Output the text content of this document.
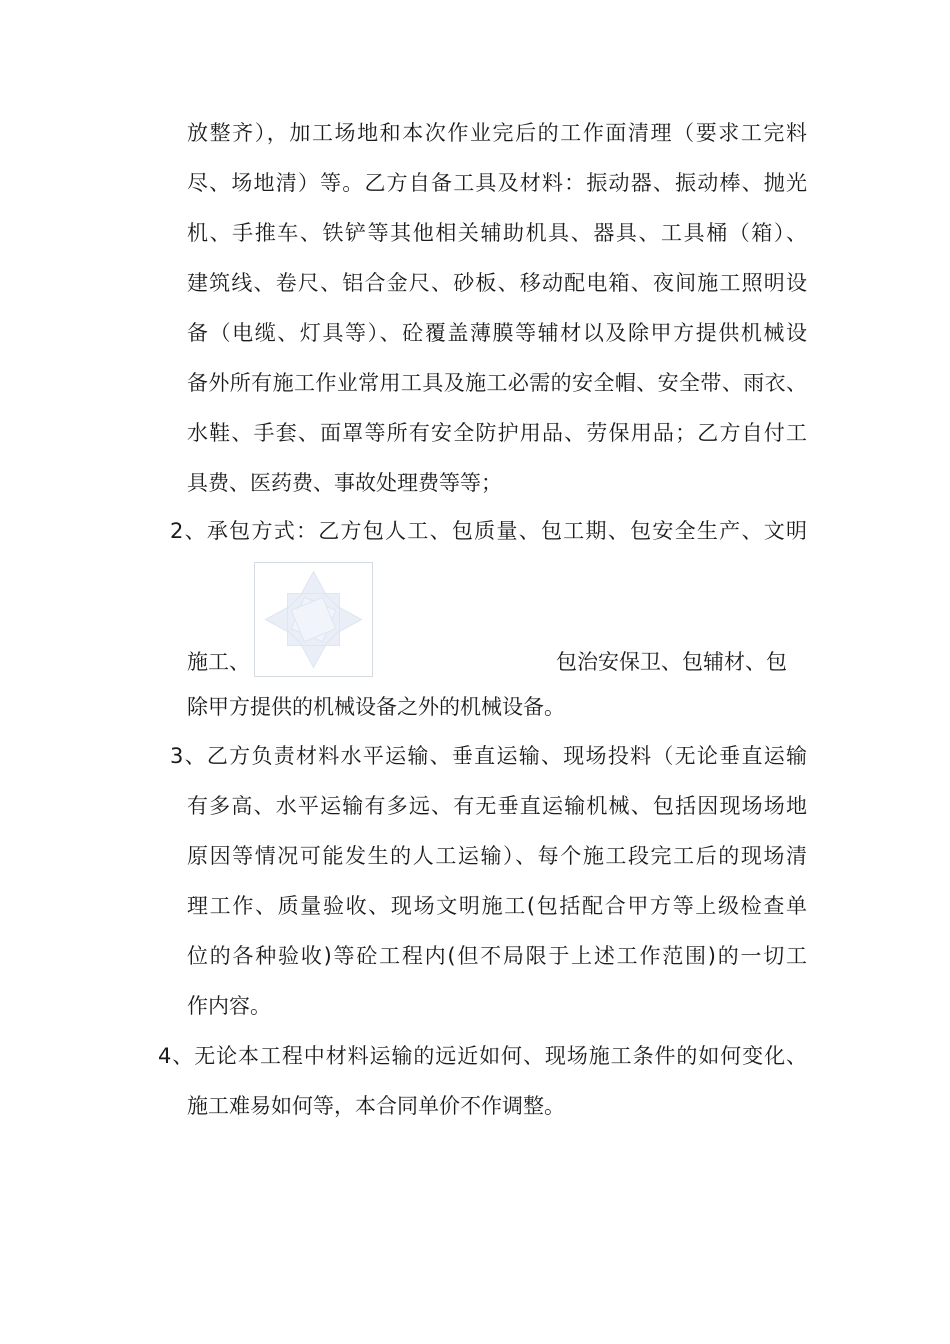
放整齐），加工场地和本次作业完后的工作面清理（要求工完料
尽、场地清）等。乙方自备工具及材料：振动器、振动棒、抛光
机、手推车、铁铲等其他相关辅助机具、器具、工具桶（箱）、
建筑线、卷尺、铝合金尺、砂板、移动配电箱、夜间施工照明设
备（电缆、灯具等）、砼覆盖薄膜等辅材以及除甲方提供机械设
备外所有施工作业常用工具及施工必需的安全帽、安全带、雨衣、
水鞋、手套、面罩等所有安全防护用品、劳保用品；乙方自付工
具费、医药费、事故处理费等等；
2、承包方式：乙方包人工、包质量、包工期、包安全生产、文明
施工、	包治安保卫、包辅材、包
除甲方提供的机械设备之外的机械设备。
3、乙方负责材料水平运输、垂直运输、现场投料（无论垂直运输
有多高、水平运输有多远、有无垂直运输机械、包括因现场场地
原因等情况可能发生的人工运输）、每个施工段完工后的现场清
理工作、质量验收、现场文明施工(包括配合甲方等上级检查单
位的各种验收)等砼工程内(但不局限于上述工作范围)的一切工
作内容。
4、无论本工程中材料运输的远近如何、现场施工条件的如何变化、
施工难易如何等，本合同单价不作调整。
